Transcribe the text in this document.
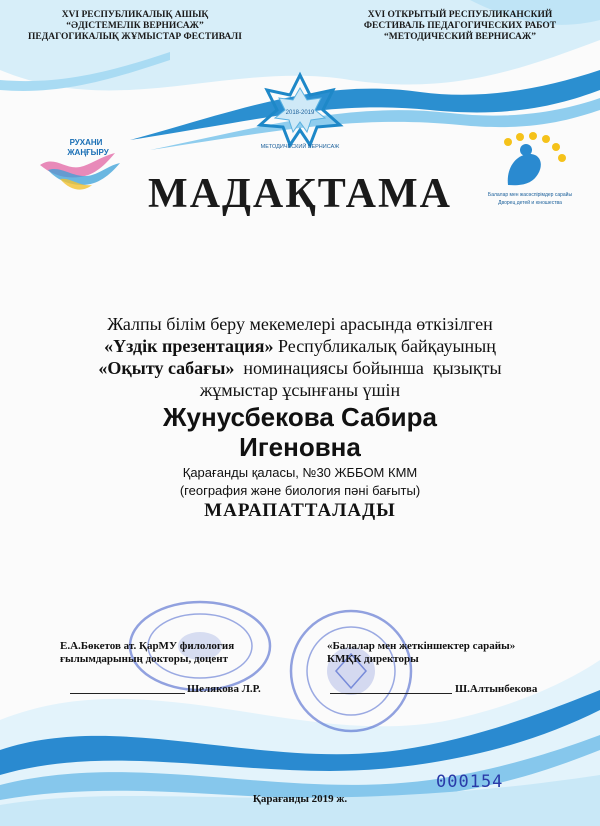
XVI РЕСПУБЛИКАЛЫҚ АШЫҚ
“ӘДІСТЕМЕЛІК ВЕРНИСАЖ”
ПЕДАГОГИКАЛЫҚ ЖҰМЫСТАР ФЕСТИВАЛІ
XVI ОТКРЫТЫЙ РЕСПУБЛИКАНСКИЙ
ФЕСТИВАЛЬ ПЕДАГОГИЧЕСКИХ РАБОТ
“МЕТОДИЧЕСКИЙ ВЕРНИСАЖ”
2018-2019
МЕТОДИЧЕСКИЙ ВЕРНИСАЖ
РУХАНИ
ЖАҢҒЫРУ
Балалар мен жасөспірімдер сарайы
Дворец детей и юношества
МАДАҚТАМА
Жалпы білім беру мекемелері арасында өткізілген
«Үздік презентация» Республикалық байқауының
«Оқыту сабағы»  номинациясы бойынша  қызықты
жұмыстар ұсынғаны үшін
Жунусбекова Сабира
Игеновна
Қарағанды қаласы, №30 ЖББОМ КММ
(география және биология пәні бағыты)
МАРАПАТТАЛАДЫ
Е.А.Бөкетов ат. ҚарМУ филология
ғылымдарының докторы, доцент
Шелякова Л.Р.
«Балалар мен жеткіншектер сарайы»
КМҚК директоры
Ш.Алтынбекова
000154
Қарағанды 2019 ж.
